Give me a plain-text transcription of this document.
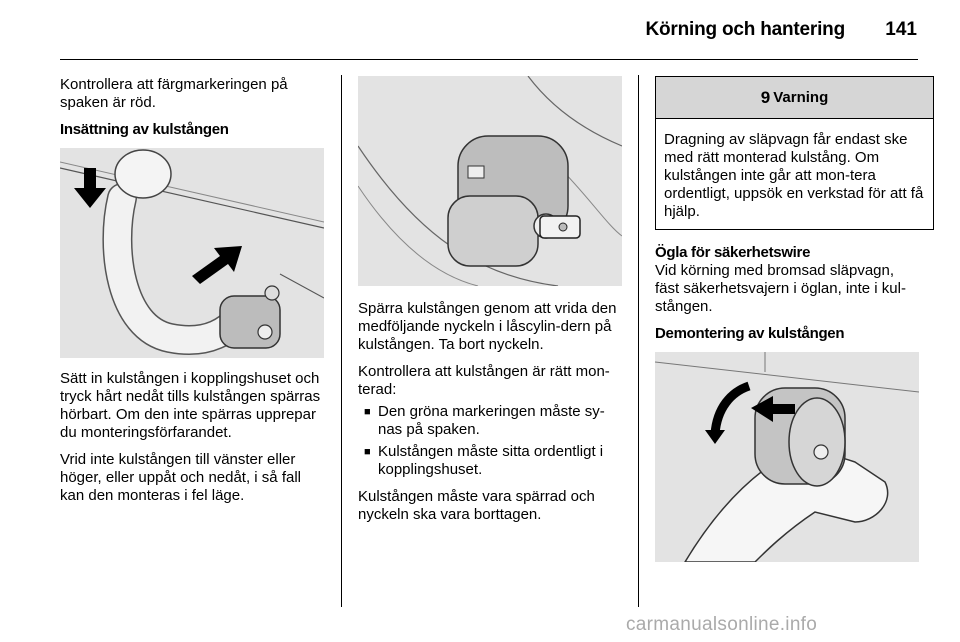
Körning och hantering	141

Kontrollera att färgmarkeringen på spaken är röd.

Insättning av kulstången

Sätt in kulstången i kopplingshuset och tryck hårt nedåt tills kulstången spärras hörbart. Om den inte spärras upprepar du monteringsförfarandet.

Vrid inte kulstången till vänster eller höger, eller uppåt och nedåt, i så fall kan den monteras i fel läge.

Spärra kulstången genom att vrida den medföljande nyckeln i låscylin-dern på kulstången. Ta bort nyckeln.

Kontrollera att kulstången är rätt mon-terad:

■ Den gröna markeringen måste sy-nas på spaken.
■ Kulstången måste sitta ordentligt i kopplingshuset.

Kulstången måste vara spärrad och nyckeln ska vara borttagen.

9 Varning
Dragning av släpvagn får endast ske med rätt monterad kulstång. Om kulstången inte går att mon-tera ordentligt, uppsök en verkstad för att få hjälp.
Ögla för säkerhetswire

Vid körning med bromsad släpvagn, fäst säkerhetsvajern i öglan, inte i kul-stången.

Demontering av kulstången
carmanualsonline.info
